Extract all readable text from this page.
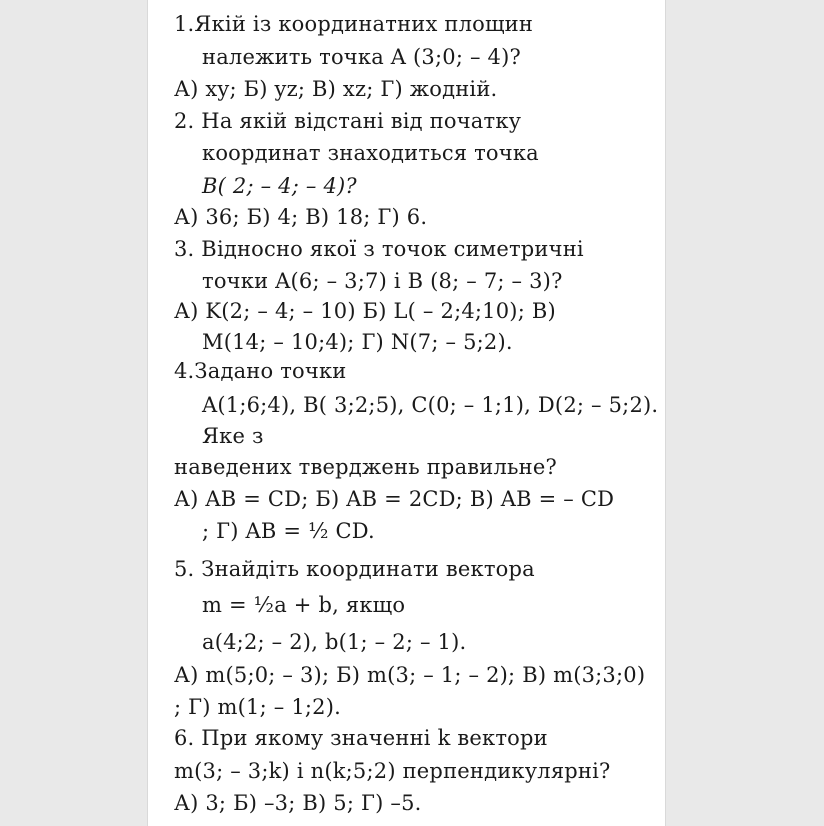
1.Якій із координатних площин
належить точка A (3;0; – 4)?
А) xy; Б) yz; В) xz; Г) жодній.
2. На якій відстані від початку
координат знаходиться точка
B( 2; – 4; – 4)?
А) 36; Б) 4; В) 18; Г) 6.
3. Відносно якої з точок симетричні
точки A(6; – 3;7) і B (8; – 7; – 3)?
А) K(2; – 4; – 10) Б) L( – 2;4;10); В)
M(14; – 10;4); Г) N(7; – 5;2).
4.Задано точки
A(1;6;4), B( 3;2;5), C(0; – 1;1), D(2; – 5;2).
Яке з
наведених тверджень правильне?
А) AB = CD; Б) AB = 2CD; В) AB = – CD
; Г) AB = ½ CD.
5. Знайдіть координати вектора
m = ½a + b, якщо
a(4;2; – 2), b(1; – 2; – 1).
А) m(5;0; – 3); Б) m(3; – 1; – 2); В) m(3;3;0)
; Г) m(1; – 1;2).
6. При якому значенні k вектори
m(3; – 3;k) і n(k;5;2) перпендикулярні?
А) 3; Б) –3; В) 5; Г) –5.
